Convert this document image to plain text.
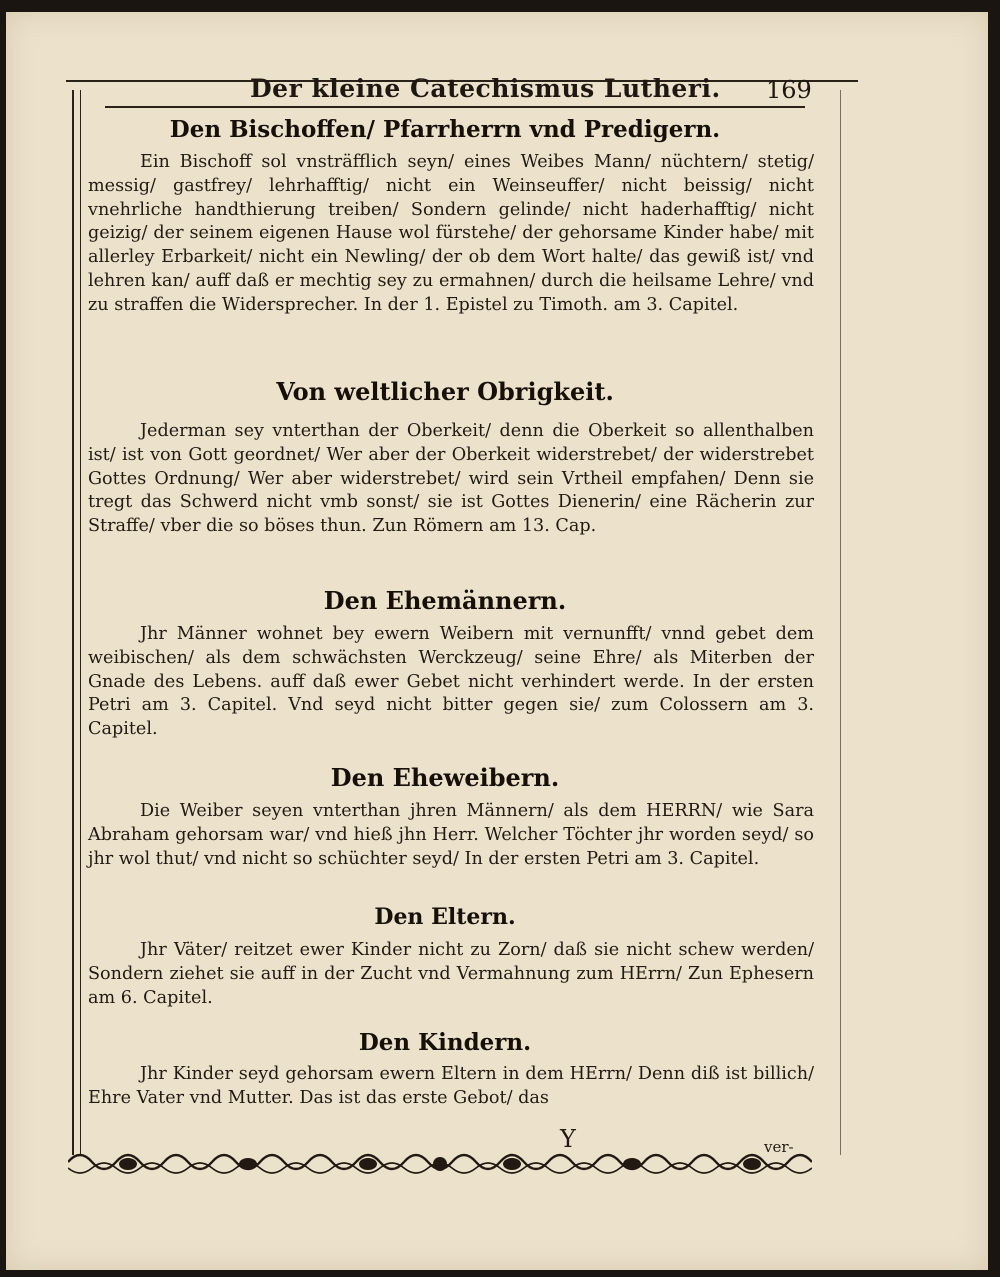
Der kleine Catechismus Lutheri. 169
Den Bischoffen/ Pfarrherrn vnd Predigern.
Ein Bischoff sol vnsträfflich seyn/ eines Weibes Mann/ nüchtern/ stetig/ messig/ gastfrey/ lehrhafftig/ nicht ein Weinseuffer/ nicht beissig/ nicht vnehrliche handthierung treiben/ Sondern gelinde/ nicht haderhafftig/ nicht geizig/ der seinem eigenen Hause wol fürstehe/ der gehorsame Kinder habe/ mit allerley Erbarkeit/ nicht ein Newling/ der ob dem Wort halte/ das gewiß ist/ vnd lehren kan/ auff daß er mechtig sey zu ermahnen/ durch die heilsame Lehre/ vnd zu straffen die Widersprecher. In der 1. Epistel zu Timoth. am 3. Capitel.
Von weltlicher Obrigkeit.
Jederman sey vnterthan der Oberkeit/ denn die Oberkeit so allenthalben ist/ ist von Gott geordnet/ Wer aber der Oberkeit widerstrebet/ der widerstrebet Gottes Ordnung/ Wer aber widerstrebet/ wird sein Vrtheil empfahen/ Denn sie tregt das Schwerd nicht vmb sonst/ sie ist Gottes Dienerin/ eine Rächerin zur Straffe/ vber die so böses thun. Zun Römern am 13. Cap.
Den Ehemännern.
Jhr Männer wohnet bey ewern Weibern mit vernunfft/ vnnd gebet dem weibischen/ als dem schwächsten Werckzeug/ seine Ehre/ als Miterben der Gnade des Lebens. auff daß ewer Gebet nicht verhindert werde. In der ersten Petri am 3. Capitel. Vnd seyd nicht bitter gegen sie/ zum Colossern am 3. Capitel.
Den Eheweibern.
Die Weiber seyen vnterthan jhren Männern/ als dem HERRN/ wie Sara Abraham gehorsam war/ vnd hieß jhn Herr. Welcher Töchter jhr worden seyd/ so jhr wol thut/ vnd nicht so schüchter seyd/ In der ersten Petri am 3. Capitel.
Den Eltern.
Jhr Väter/ reitzet ewer Kinder nicht zu Zorn/ daß sie nicht schew werden/ Sondern ziehet sie auff in der Zucht vnd Vermahnung zum HErrn/ Zun Ephesern am 6. Capitel.
Den Kindern.
Jhr Kinder seyd gehorsam ewern Eltern in dem HErrn/ Denn diß ist billich/ Ehre Vater vnd Mutter. Das ist das erste Gebot/ das
Y	ver-
